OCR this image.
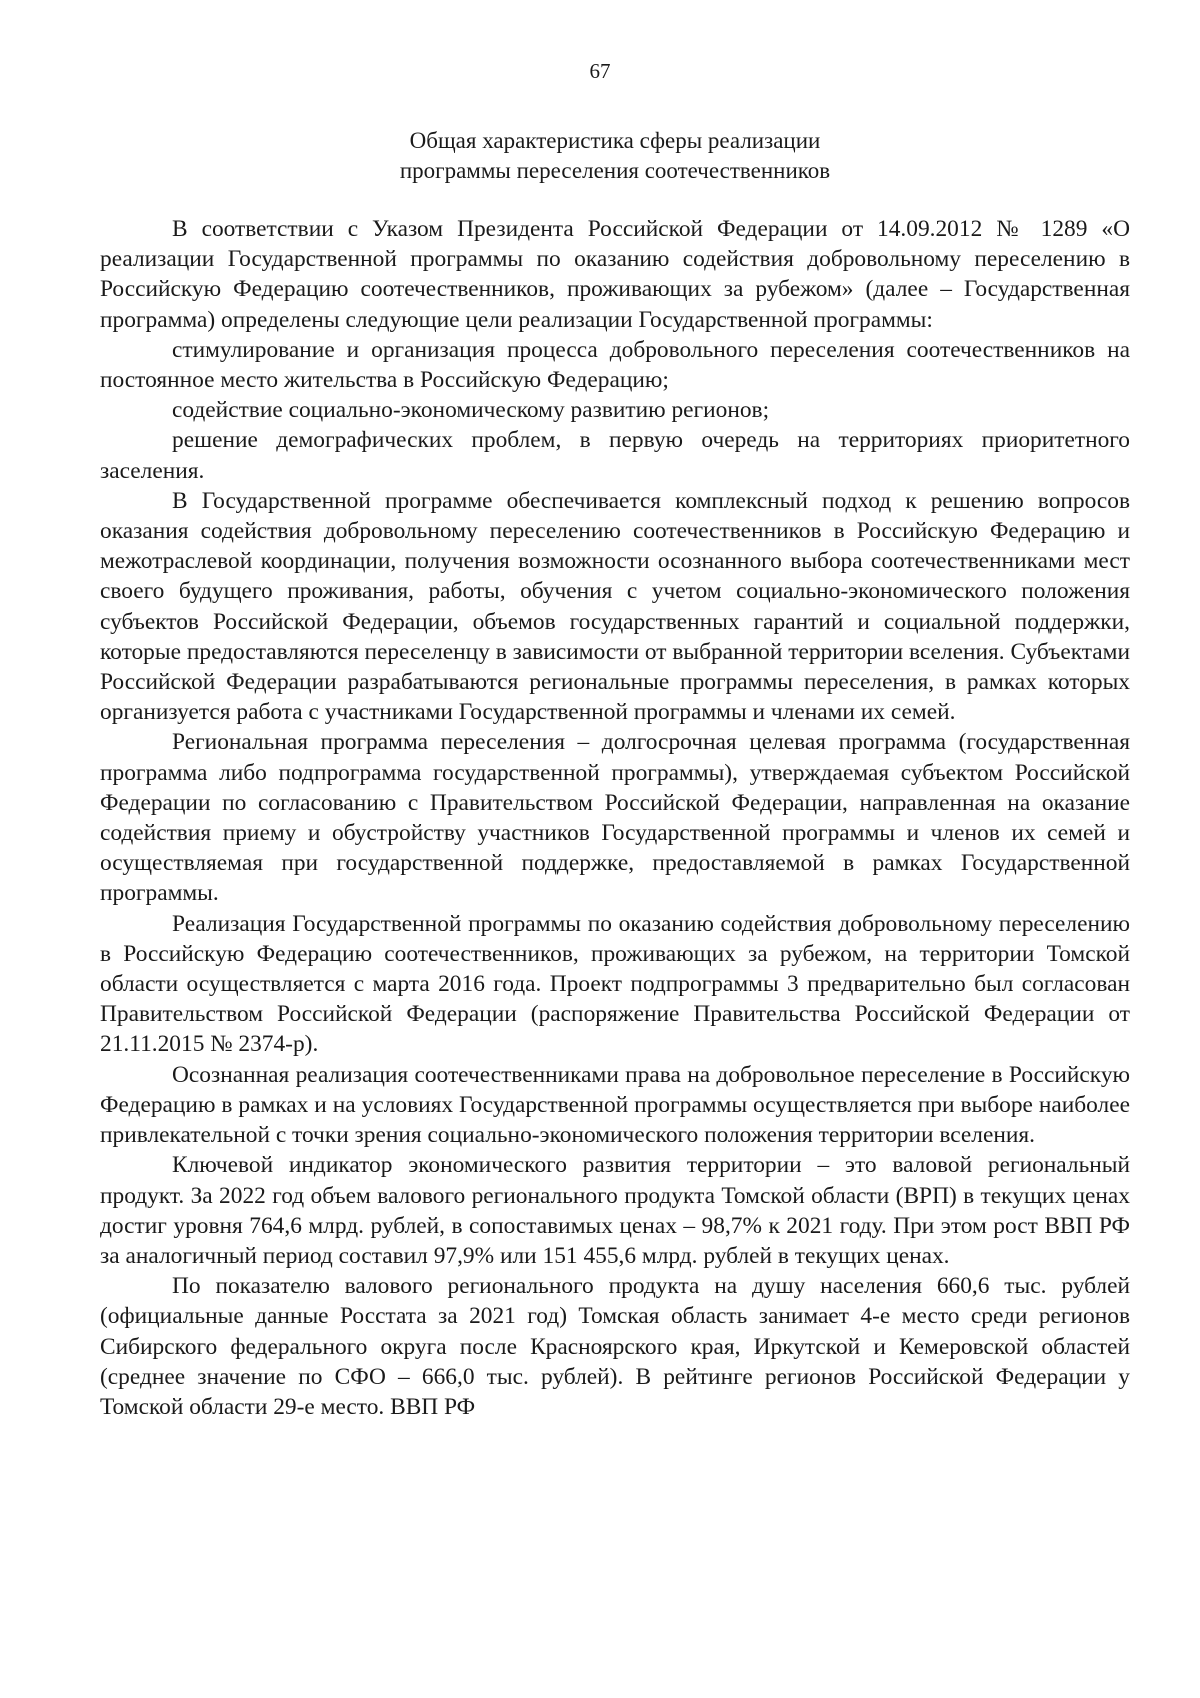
67
Общая характеристика сферы реализации
программы переселения соотечественников

В соответствии с Указом Президента Российской Федерации от 14.09.2012 № 1289 «О реализации Государственной программы по оказанию содействия добровольному переселению в Российскую Федерацию соотечественников, проживающих за рубежом» (далее – Государственная программа) определены следующие цели реализации Государственной программы:

стимулирование и организация процесса добровольного переселения соотечественников на постоянное место жительства в Российскую Федерацию;

содействие социально-экономическому развитию регионов;

решение демографических проблем, в первую очередь на территориях приоритетного заселения.

В Государственной программе обеспечивается комплексный подход к решению вопросов оказания содействия добровольному переселению соотечественников в Российскую Федерацию и межотраслевой координации, получения возможности осознанного выбора соотечественниками мест своего будущего проживания, работы, обучения с учетом социально-экономического положения субъектов Российской Федерации, объемов государственных гарантий и социальной поддержки, которые предоставляются переселенцу в зависимости от выбранной территории вселения. Субъектами Российской Федерации разрабатываются региональные программы переселения, в рамках которых организуется работа с участниками Государственной программы и членами их семей.

Региональная программа переселения – долгосрочная целевая программа (государственная программа либо подпрограмма государственной программы), утверждаемая субъектом Российской Федерации по согласованию с Правительством Российской Федерации, направленная на оказание содействия приему и обустройству участников Государственной программы и членов их семей и осуществляемая при государственной поддержке, предоставляемой в рамках Государственной программы.

Реализация Государственной программы по оказанию содействия добровольному переселению в Российскую Федерацию соотечественников, проживающих за рубежом, на территории Томской области осуществляется с марта 2016 года. Проект подпрограммы 3 предварительно был согласован Правительством Российской Федерации (распоряжение Правительства Российской Федерации от 21.11.2015 № 2374-р).

Осознанная реализация соотечественниками права на добровольное переселение в Российскую Федерацию в рамках и на условиях Государственной программы осуществляется при выборе наиболее привлекательной с точки зрения социально-экономического положения территории вселения.

Ключевой индикатор экономического развития территории – это валовой региональный продукт. За 2022 год объем валового регионального продукта Томской области (ВРП) в текущих ценах достиг уровня 764,6 млрд. рублей, в сопоставимых ценах – 98,7% к 2021 году. При этом рост ВВП РФ за аналогичный период составил 97,9% или 151 455,6 млрд. рублей в текущих ценах.

По показателю валового регионального продукта на душу населения 660,6 тыс. рублей (официальные данные Росстата за 2021 год) Томская область занимает 4-е место среди регионов Сибирского федерального округа после Красноярского края, Иркутской и Кемеровской областей (среднее значение по СФО – 666,0 тыс. рублей). В рейтинге регионов Российской Федерации у Томской области 29-е место. ВВП РФ
